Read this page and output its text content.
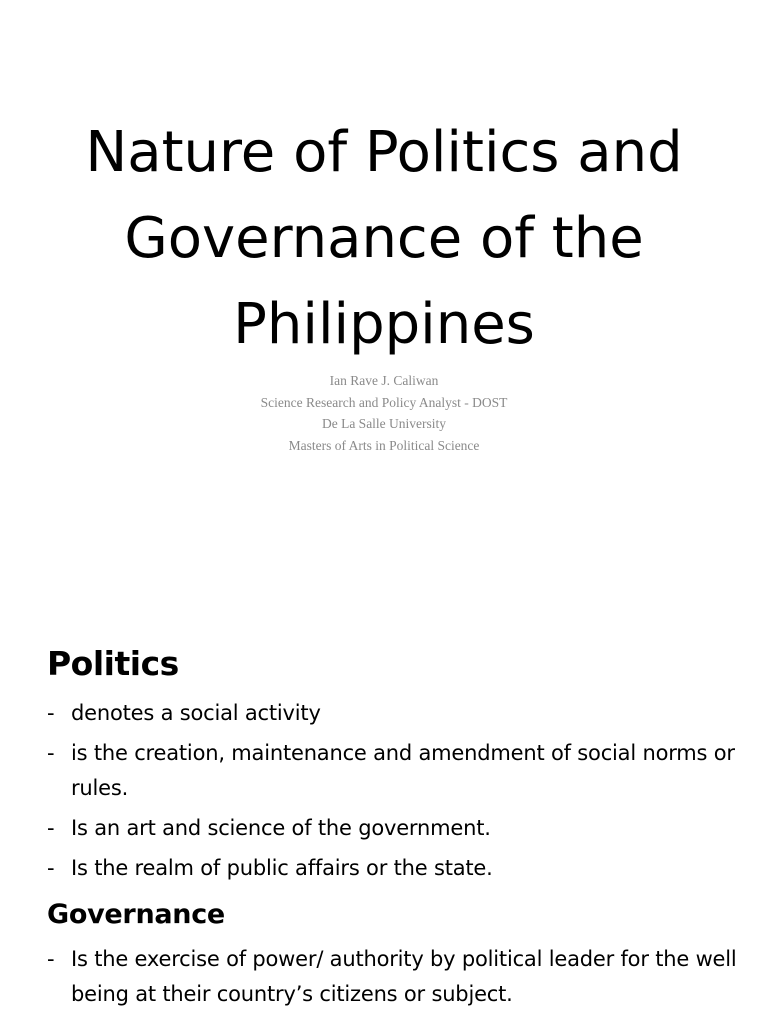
Nature of Politics and
Governance of the
Philippines
Ian Rave J. Caliwan
Science Research and Policy Analyst - DOST
De La Salle University
Masters of Arts in Political Science
Politics
- denotes a social activity
- is the creation, maintenance and amendment of social norms or rules.
- Is an art and science of the government.
- Is the realm of public affairs or the state.
Governance
- Is the exercise of power/ authority by political leader for the well being at their country’s citizens or subject.
